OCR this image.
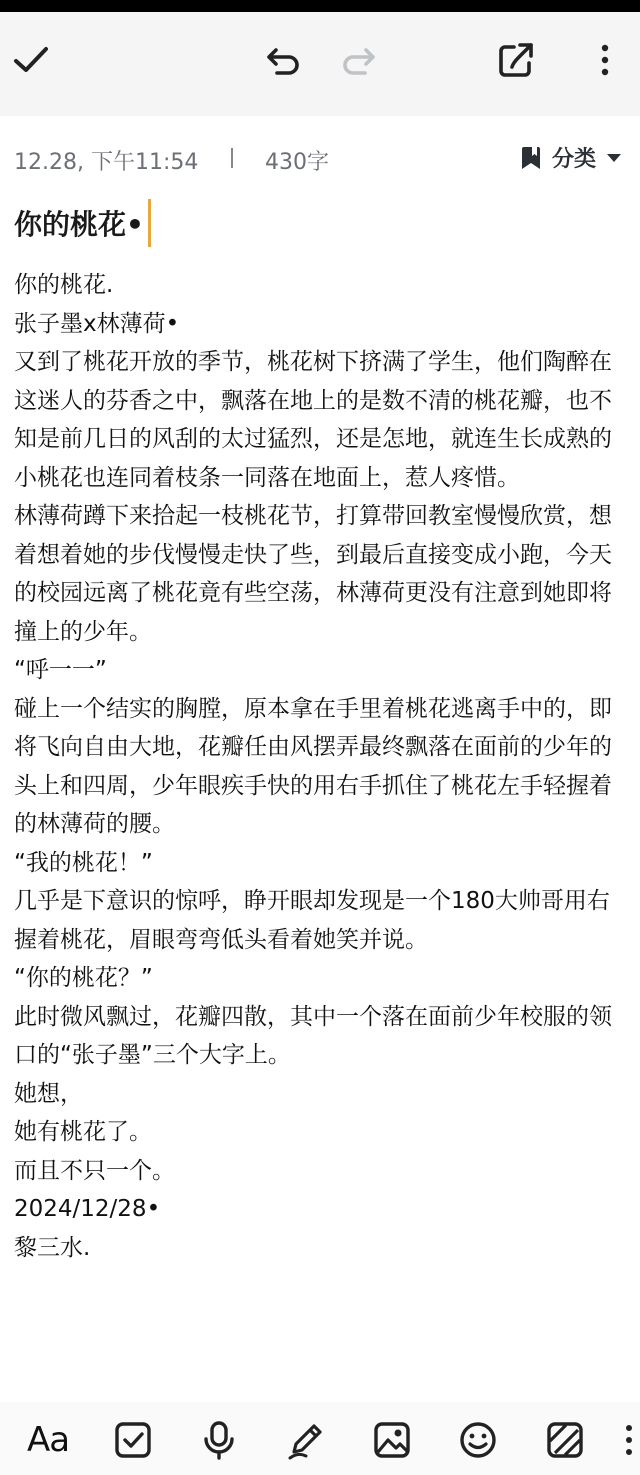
12.28, 下午11:54	430字	分类
你的桃花•
你的桃花.
张子墨x林薄荷•
又到了桃花开放的季节，桃花树下挤满了学生，他们陶醉在这迷人的芬香之中，飘落在地上的是数不清的桃花瓣，也不知是前几日的风刮的太过猛烈，还是怎地，就连生长成熟的小桃花也连同着枝条一同落在地面上，惹人疼惜。
林薄荷蹲下来拾起一枝桃花节，打算带回教室慢慢欣赏，想着想着她的步伐慢慢走快了些，到最后直接变成小跑，今天的校园远离了桃花竟有些空荡，林薄荷更没有注意到她即将撞上的少年。
“呼一一”
碰上一个结实的胸膛，原本拿在手里着桃花逃离手中的，即将飞向自由大地，花瓣任由风摆弄最终飘落在面前的少年的头上和四周，少年眼疾手快的用右手抓住了桃花左手轻握着的林薄荷的腰。
“我的桃花！”
几乎是下意识的惊呼，睁开眼却发现是一个180大帅哥用右握着桃花，眉眼弯弯低头看着她笑并说。
“你的桃花？”
此时微风飘过，花瓣四散，其中一个落在面前少年校服的领口的“张子墨”三个大字上。
她想，
她有桃花了。
而且不只一个。
2024/12/28•
黎三水.
Aa
